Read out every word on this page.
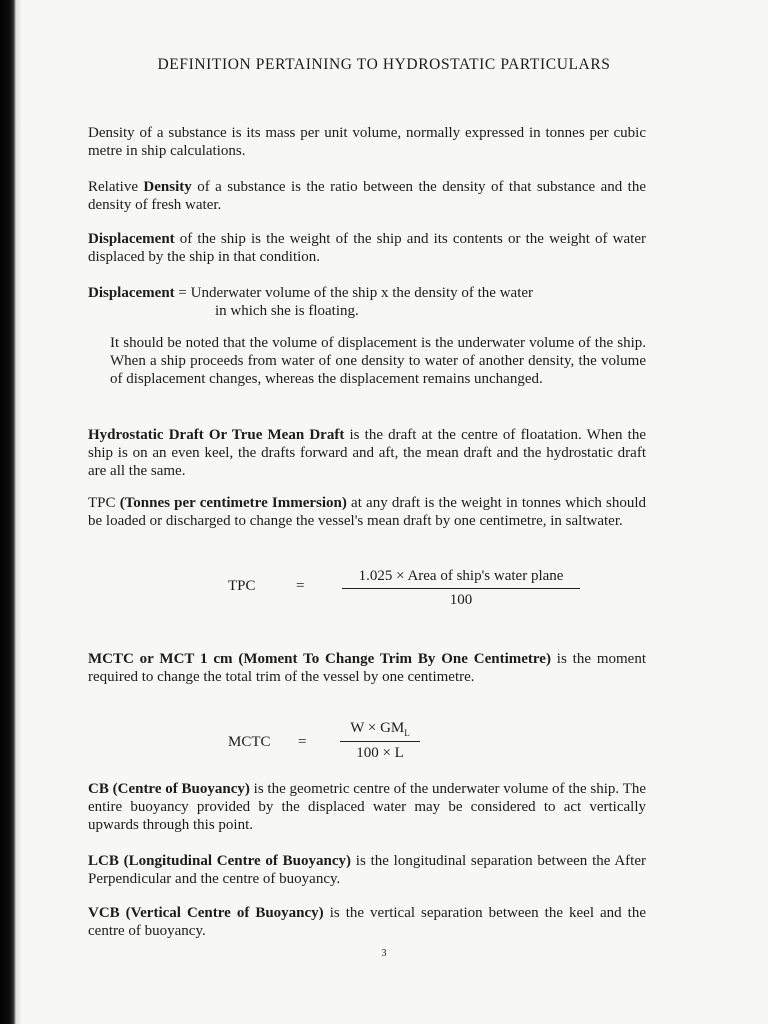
DEFINITION PERTAINING TO HYDROSTATIC PARTICULARS

Density of a substance is its mass per unit volume, normally expressed in tonnes per cubic metre in ship calculations.

Relative Density of a substance is the ratio between the density of that substance and the density of fresh water.

Displacement of the ship is the weight of the ship and its contents or the weight of water displaced by the ship in that condition.

Displacement = Underwater volume of the ship x the density of the water

in which she is floating.

It should be noted that the volume of displacement is the underwater volume of the ship. When a ship proceeds from water of one density to water of another density, the volume of displacement changes, whereas the displacement remains unchanged.

Hydrostatic Draft Or True Mean Draft is the draft at the centre of floatation. When the ship is on an even keel, the drafts forward and aft, the mean draft and the hydrostatic draft are all the same.

TPC (Tonnes per centimetre Immersion) at any draft is the weight in tonnes which should be loaded or discharged to change the vessel's mean draft by one centimetre, in saltwater.

TPC	=
1.025 × Area of ship's water plane
100

MCTC or MCT 1 cm (Moment To Change Trim By One Centimetre) is the moment required to change the total trim of the vessel by one centimetre.

MCTC =
$W \times GM_L$
100 × L

CB (Centre of Buoyancy) is the geometric centre of the underwater volume of the ship. The entire buoyancy provided by the displaced water may be considered to act vertically upwards through this point.

LCB (Longitudinal Centre of Buoyancy) is the longitudinal separation between the After Perpendicular and the centre of buoyancy.

VCB (Vertical Centre of Buoyancy) is the vertical separation between the keel and the centre of buoyancy.

3
